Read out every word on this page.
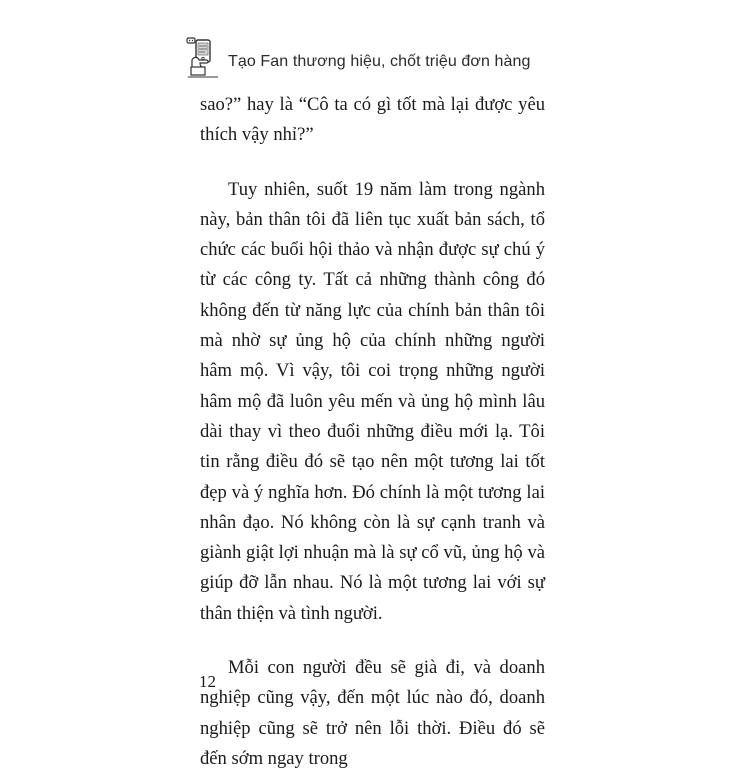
Tạo Fan thương hiệu, chốt triệu đơn hàng

sao?” hay là “Cô ta có gì tốt mà lại được yêu thích vậy nhỉ?”

Tuy nhiên, suốt 19 năm làm trong ngành này, bản thân tôi đã liên tục xuất bản sách, tổ chức các buổi hội thảo và nhận được sự chú ý từ các công ty. Tất cả những thành công đó không đến từ năng lực của chính bản thân tôi mà nhờ sự ủng hộ của chính những người hâm mộ. Vì vậy, tôi coi trọng những người hâm mộ đã luôn yêu mến và ủng hộ mình lâu dài thay vì theo đuổi những điều mới lạ. Tôi tin rằng điều đó sẽ tạo nên một tương lai tốt đẹp và ý nghĩa hơn. Đó chính là một tương lai nhân đạo. Nó không còn là sự cạnh tranh và giành giật lợi nhuận mà là sự cổ vũ, ủng hộ và giúp đỡ lẫn nhau. Nó là một tương lai với sự thân thiện và tình người.

Mỗi con người đều sẽ già đi, và doanh nghiệp cũng vậy, đến một lúc nào đó, doanh nghiệp cũng sẽ trở nên lỗi thời. Điều đó sẽ đến sớm ngay trong

12
